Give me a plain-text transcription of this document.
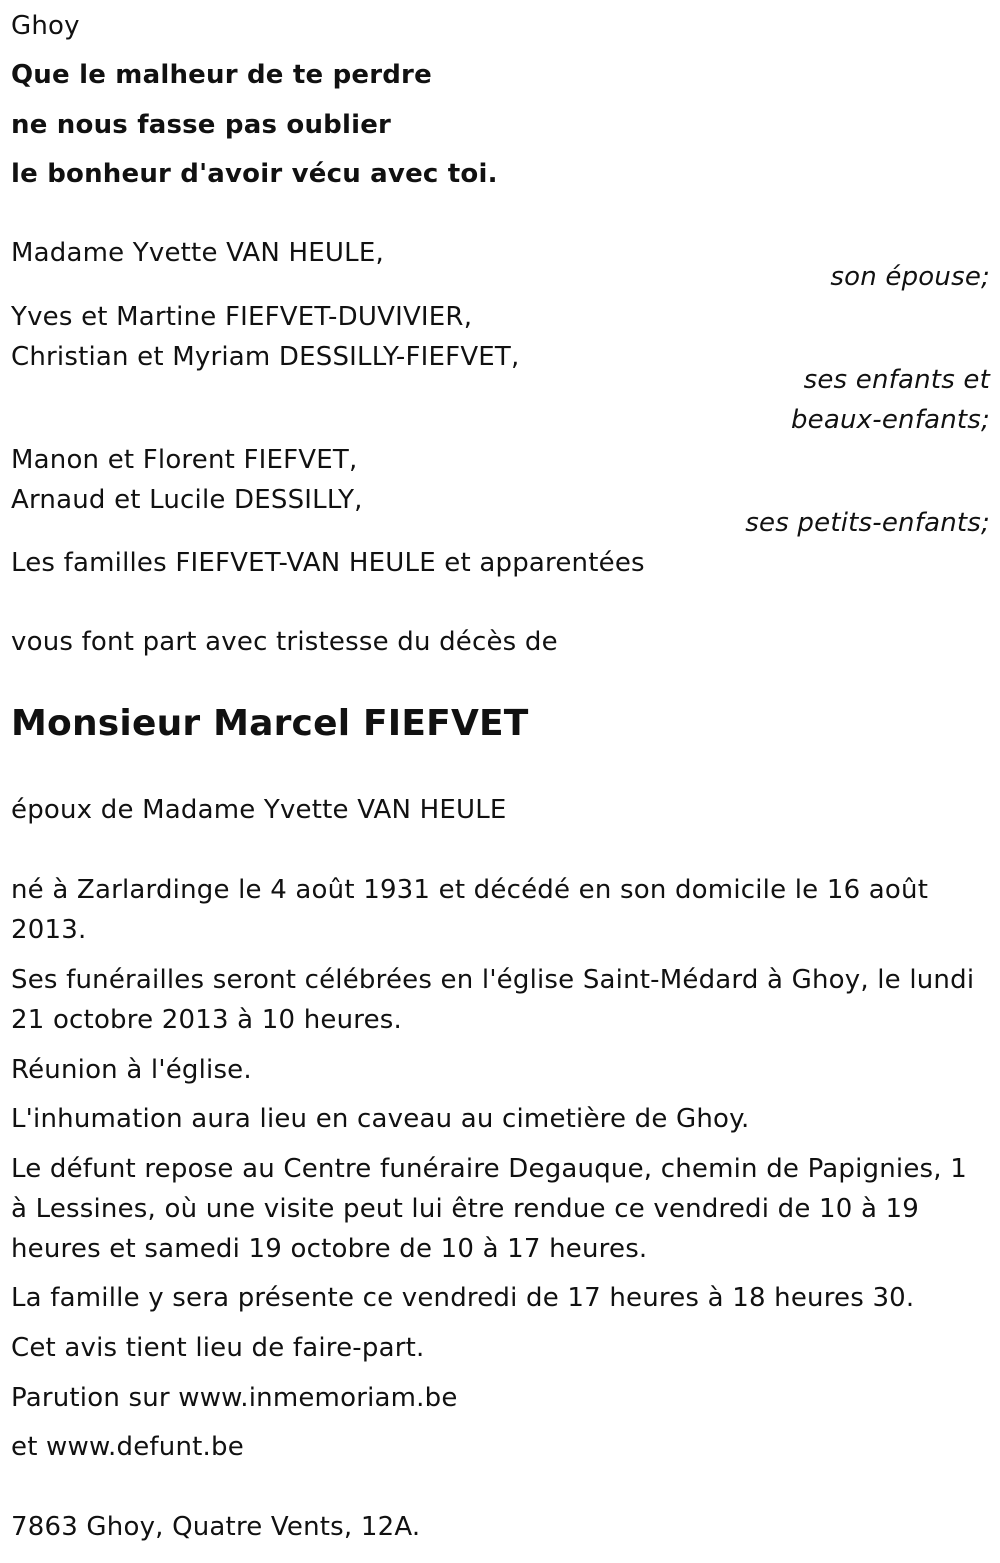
Ghoy
Que le malheur de te perdre
ne nous fasse pas oublier
le bonheur d'avoir vécu avec toi.
Madame Yvette VAN HEULE,
son épouse;
Yves et Martine FIEFVET-DUVIVIER,
Christian et Myriam DESSILLY-FIEFVET,
ses enfants et
beaux-enfants;
Manon et Florent FIEFVET,
Arnaud et Lucile DESSILLY,
ses petits-enfants;
Les familles FIEFVET-VAN HEULE et apparentées
vous font part avec tristesse du décès de
Monsieur Marcel FIEFVET
époux de Madame Yvette VAN HEULE
né à Zarlardinge le 4 août 1931 et décédé en son domicile le 16 août
2013.
Ses funérailles seront célébrées en l'église Saint-Médard à Ghoy, le lundi
21 octobre 2013 à 10 heures.
Réunion à l'église.
L'inhumation aura lieu en caveau au cimetière de Ghoy.
Le défunt repose au Centre funéraire Degauque, chemin de Papignies, 1
à Lessines, où une visite peut lui être rendue ce vendredi de 10 à 19
heures et samedi 19 octobre de 10 à 17 heures.
La famille y sera présente ce vendredi de 17 heures à 18 heures 30.
Cet avis tient lieu de faire-part.
Parution sur www.inmemoriam.be
et www.defunt.be
7863 Ghoy, Quatre Vents, 12A.
